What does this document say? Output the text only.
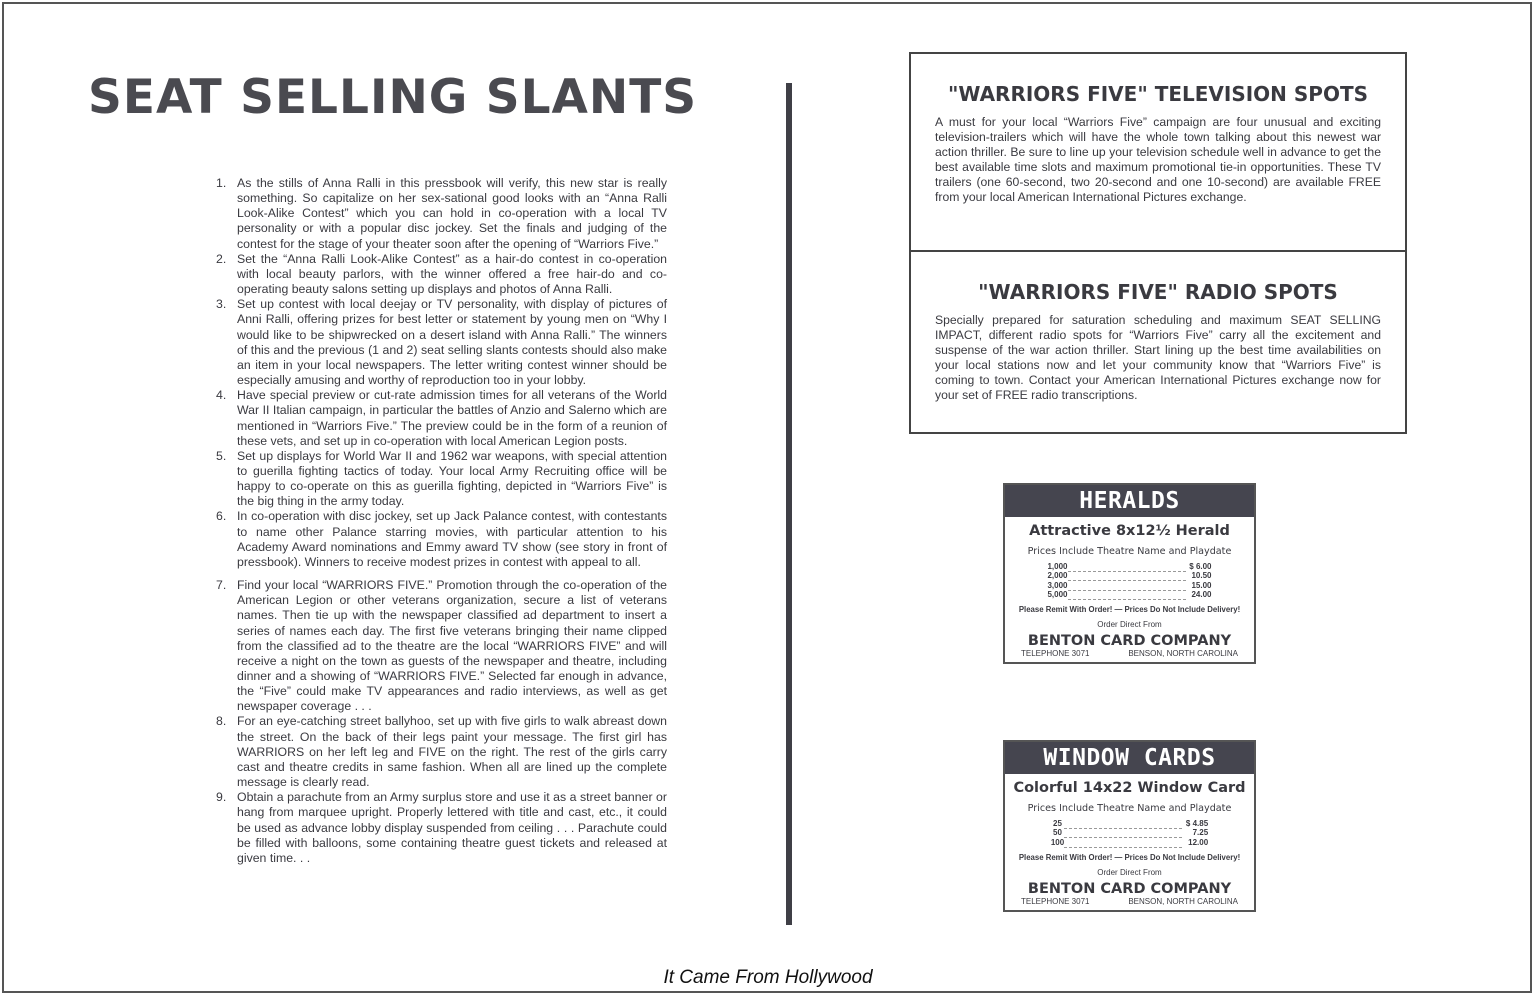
SEAT SELLING SLANTS
1. As the stills of Anna Ralli in this pressbook will verify, this new star is really something. So capitalize on her sex-sational good looks with an “Anna Ralli Look-Alike Contest” which you can hold in co-operation with a local TV personality or with a popular disc jockey. Set the finals and judging of the contest for the stage of your theater soon after the opening of “Warriors Five.”
2. Set the “Anna Ralli Look-Alike Contest” as a hair-do contest in co-operation with local beauty parlors, with the winner offered a free hair-do and co-operating beauty salons setting up displays and photos of Anna Ralli.
3. Set up contest with local deejay or TV personality, with display of pictures of Anni Ralli, offering prizes for best letter or statement by young men on “Why I would like to be shipwrecked on a desert island with Anna Ralli.” The winners of this and the previous (1 and 2) seat selling slants contests should also make an item in your local newspapers. The letter writing contest winner should be especially amusing and worthy of reproduction too in your lobby.
4. Have special preview or cut-rate admission times for all veterans of the World War II Italian campaign, in particular the battles of Anzio and Salerno which are mentioned in “Warriors Five.” The preview could be in the form of a reunion of these vets, and set up in co-operation with local American Legion posts.
5. Set up displays for World War II and 1962 war weapons, with special attention to guerilla fighting tactics of today. Your local Army Recruiting office will be happy to co-operate on this as guerilla fighting, depicted in “Warriors Five” is the big thing in the army today.
6. In co-operation with disc jockey, set up Jack Palance contest, with contestants to name other Palance starring movies, with particular attention to his Academy Award nominations and Emmy award TV show (see story in front of pressbook). Winners to receive modest prizes in contest with appeal to all.
7. Find your local “WARRIORS FIVE.” Promotion through the co-operation of the American Legion or other veterans organization, secure a list of veterans names. Then tie up with the newspaper classified ad department to insert a series of names each day. The first five veterans bringing their name clipped from the classified ad to the theatre are the local “WARRIORS FIVE” and will receive a night on the town as guests of the newspaper and theatre, including dinner and a showing of “WARRIORS FIVE.” Selected far enough in advance, the “Five” could make TV appearances and radio interviews, as well as get newspaper coverage . . .
8. For an eye-catching street ballyhoo, set up with five girls to walk abreast down the street. On the back of their legs paint your message. The first girl has WARRIORS on her left leg and FIVE on the right. The rest of the girls carry cast and theatre credits in same fashion. When all are lined up the complete message is clearly read.
9. Obtain a parachute from an Army surplus store and use it as a street banner or hang from marquee upright. Properly lettered with title and cast, etc., it could be used as advance lobby display suspended from ceiling . . . Parachute could be filled with balloons, some containing theatre guest tickets and released at given time. . .
"WARRIORS FIVE" TELEVISION SPOTS

A must for your local “Warriors Five” campaign are four unusual and exciting television-trailers which will have the whole town talking about this newest war action thriller. Be sure to line up your television schedule well in advance to get the best available time slots and maximum promotional tie-in opportunities. These TV trailers (one 60-second, two 20-second and one 10-second) are available FREE from your local American International Pictures exchange.

"WARRIORS FIVE" RADIO SPOTS

Specially prepared for saturation scheduling and maximum SEAT SELLING IMPACT, different radio spots for “Warriors Five” carry all the excitement and suspense of the war action thriller. Start lining up the best time availabilities on your local stations now and let your community know that “Warriors Five” is coming to town. Contact your American International Pictures exchange now for your set of FREE radio transcriptions.

HERALDS
Attractive 8x12½ Herald
Prices Include Theatre Name and Playdate
1,000		$ 6.00
2,000		10.50
3,000		15.00
5,000		24.00
Please Remit With Order! — Prices Do Not Include Delivery!
Order Direct From
BENTON CARD COMPANY
TELEPHONE 3071	BENSON, NORTH CAROLINA
WINDOW CARDS
Colorful 14x22 Window Card
Prices Include Theatre Name and Playdate
25		$ 4.85
50		7.25
100		12.00
Please Remit With Order! — Prices Do Not Include Delivery!
Order Direct From
BENTON CARD COMPANY
TELEPHONE 3071	BENSON, NORTH CAROLINA
It Came From Hollywood
